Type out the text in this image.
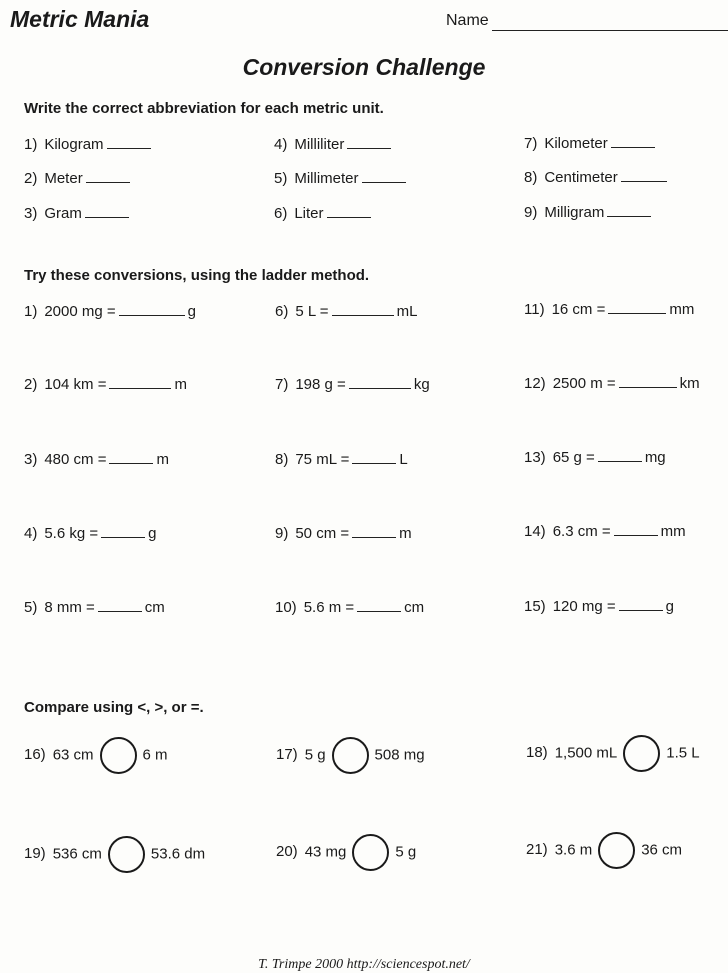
Metric Mania	Name
Conversion Challenge
Write the correct abbreviation for each metric unit.
1) Kilogram
2) Meter
3) Gram
4) Milliliter
5) Millimeter
6) Liter
7) Kilometer
8) Centimeter
9) Milligram
Try these conversions, using the ladder method.
1) 2000 mg =	g
2) 104 km =	m
3) 480 cm =	m
4) 5.6 kg =	g
5) 8 mm =	cm
6) 5 L =	mL
7) 198 g =	kg
8) 75 mL =	L
9) 50 cm =	m
10) 5.6 m =	cm
11) 16 cm =	mm
12) 2500 m =	km
13) 65 g =	mg
14) 6.3 cm =	mm
15) 120 mg =	g
Compare using <, >, or =.
16) 63 cm	6 m	17) 5 g	508 mg	18) 1,500 mL	1.5 L
19) 536 cm	53.6 dm	20) 43 mg	5 g	21) 3.6 m	36 cm
T. Trimpe 2000 http://sciencespot.net/
